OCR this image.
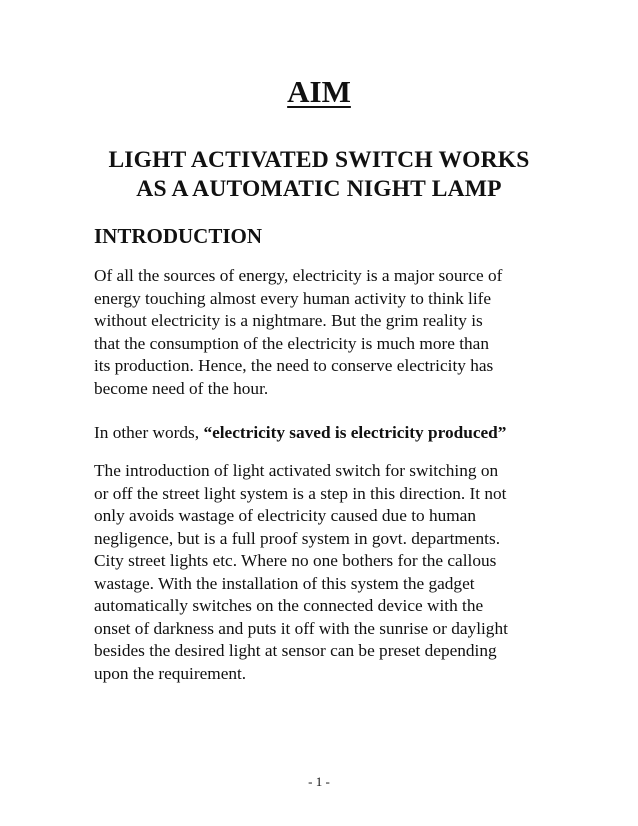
AIM
LIGHT ACTIVATED SWITCH WORKS
AS A AUTOMATIC NIGHT LAMP
INTRODUCTION
Of all the sources of energy, electricity is a major source of
energy touching almost every human activity to think life
without electricity is a nightmare. But the grim reality is
that the consumption of the electricity is much more than
its production. Hence, the need to conserve electricity has
become need of the hour.
In other words, “electricity saved is electricity produced”
The introduction of light activated switch for switching on
or off the street light system is a step in this direction. It not
only avoids wastage of electricity caused due to human
negligence, but is a full proof system in govt. departments.
City street lights etc. Where no one bothers for the callous
wastage. With the installation of this system the gadget
automatically switches on the connected device with the
onset of darkness and puts it off with the sunrise or daylight
besides the desired light at sensor can be preset depending
upon the requirement.
- 1 -
